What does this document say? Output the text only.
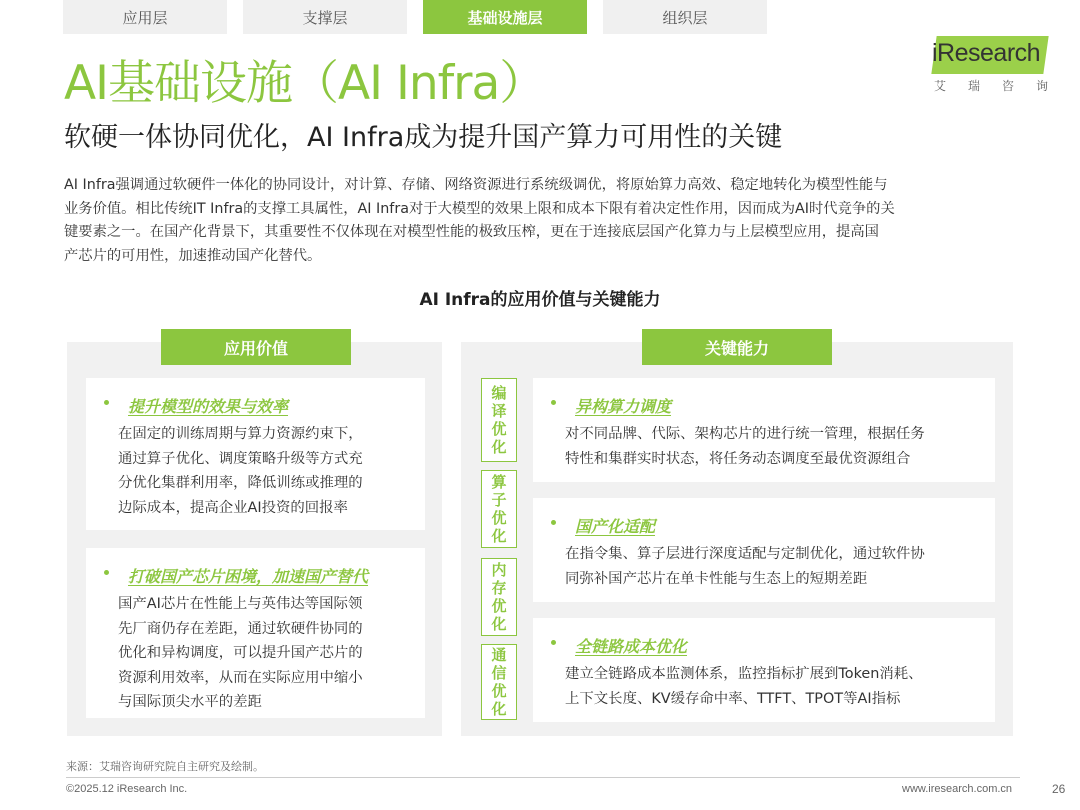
应用层	支撑层	基础设施层	组织层
iResearch
艾 瑞 咨 询
AI基础设施（AI Infra）
软硬一体协同优化，AI Infra成为提升国产算力可用性的关键
AI Infra强调通过软硬件一体化的协同设计，对计算、存储、网络资源进行系统级调优，将原始算力高效、稳定地转化为模型性能与
业务价值。相比传统IT Infra的支撑工具属性，AI Infra对于大模型的效果上限和成本下限有着决定性作用，因而成为AI时代竞争的关
键要素之一。在国产化背景下，其重要性不仅体现在对模型性能的极致压榨，更在于连接底层国产化算力与上层模型应用，提高国
产芯片的可用性，加速推动国产化替代。
AI Infra的应用价值与关键能力
应用价值	关键能力
提升模型的效果与效率
在固定的训练周期与算力资源约束下，
通过算子优化、调度策略升级等方式充
分优化集群利用率，降低训练或推理的
边际成本，提高企业AI投资的回报率
打破国产芯片困境，加速国产替代
国产AI芯片在性能上与英伟达等国际领
先厂商仍存在差距，通过软硬件协同的
优化和异构调度，可以提升国产芯片的
资源利用效率，从而在实际应用中缩小
与国际顶尖水平的差距
编
译
优
化
算
子
优
化
内
存
优
化
通
信
优
化
异构算力调度
对不同品牌、代际、架构芯片的进行统一管理，根据任务
特性和集群实时状态，将任务动态调度至最优资源组合
国产化适配
在指令集、算子层进行深度适配与定制优化，通过软件协
同弥补国产芯片在单卡性能与生态上的短期差距
全链路成本优化
建立全链路成本监测体系，监控指标扩展到Token消耗、
上下文长度、KV缓存命中率、TTFT、TPOT等AI指标
来源：艾瑞咨询研究院自主研究及绘制。
©2025.12 iResearch Inc.	www.iresearch.com.cn	26
